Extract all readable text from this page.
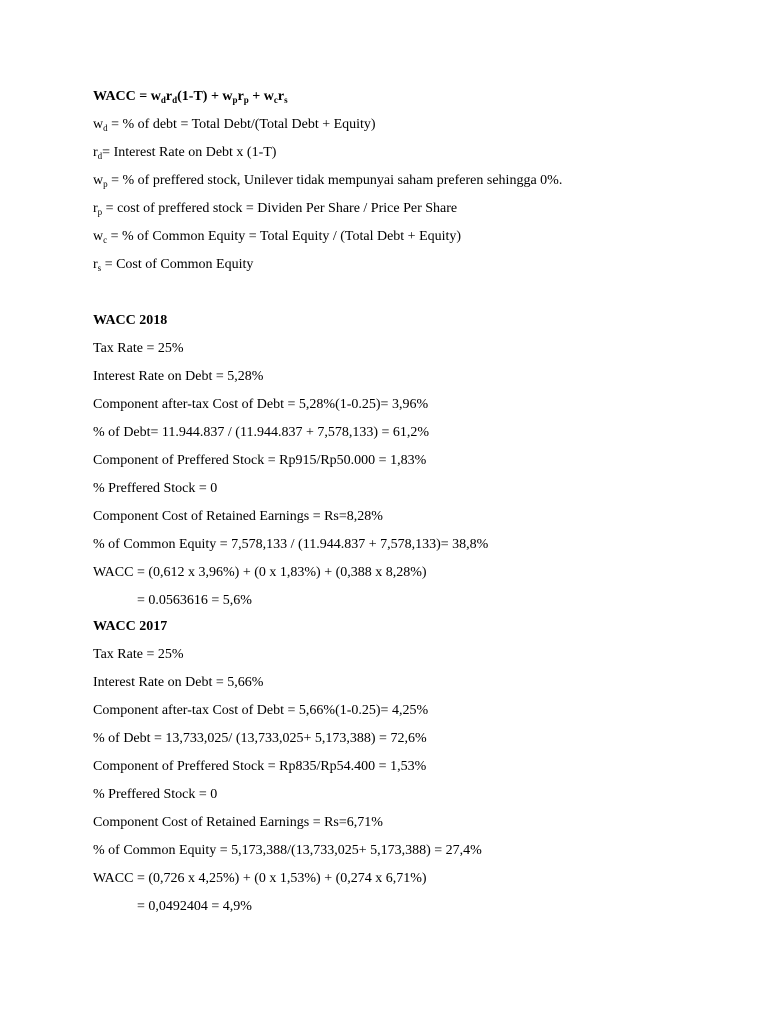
WACC = $w_dr_d(1-T) + w_pr_p + w_cr_s$
$w_d$ = % of debt = Total Debt/(Total Debt + Equity)
$r_d=$ Interest Rate on Debt x (1-T)
$w_p$ = % of preffered stock, Unilever tidak mempunyai saham preferen sehingga 0%.
$r_p = \cos t$ of preffered stock = Dividen Per Share / Price Per Share
$w_c$ = % of Common Equity = Total Equity / (Total Debt + Equity)
$r_s$ = Cost of Common Equity
WACC 2018
Tax Rate = 25%
Interest Rate on Debt = 5,28%
Component after-tax Cost of Debt = 5,28%(1-0.25)= 3,96%
% of Debt= 11.944.837 / (11.944.837 + 7,578,133) = 61,2%
Component of Preffered Stock = Rp915/Rp50.000 = 1,83%
% Preffered Stock = 0
Component Cost of Retained Earnings = Rs=8,28%
% of Common Equity = 7,578,133 / (11.944.837 + 7,578,133)= 38,8%
WACC = (0,612 x 3,96%) + (0 x 1,83%) + (0,388 x 8,28%)
= 0.0563616 = 5,6%
WACC 2017
Tax Rate = 25%
Interest Rate on Debt = 5,66%
Component after-tax Cost of Debt = 5,66%(1-0.25)= 4,25%
% of Debt = 13,733,025/ (13,733,025+ 5,173,388) = 72,6%
Component of Preffered Stock = Rp835/Rp54.400 = 1,53%
% Preffered Stock = 0
Component Cost of Retained Earnings = Rs=6,71%
% of Common Equity = 5,173,388/(13,733,025+ 5,173,388) = 27,4%
WACC = (0,726 x 4,25%) + (0 x 1,53%) + (0,274 x 6,71%)
= 0,0492404 = 4,9%
